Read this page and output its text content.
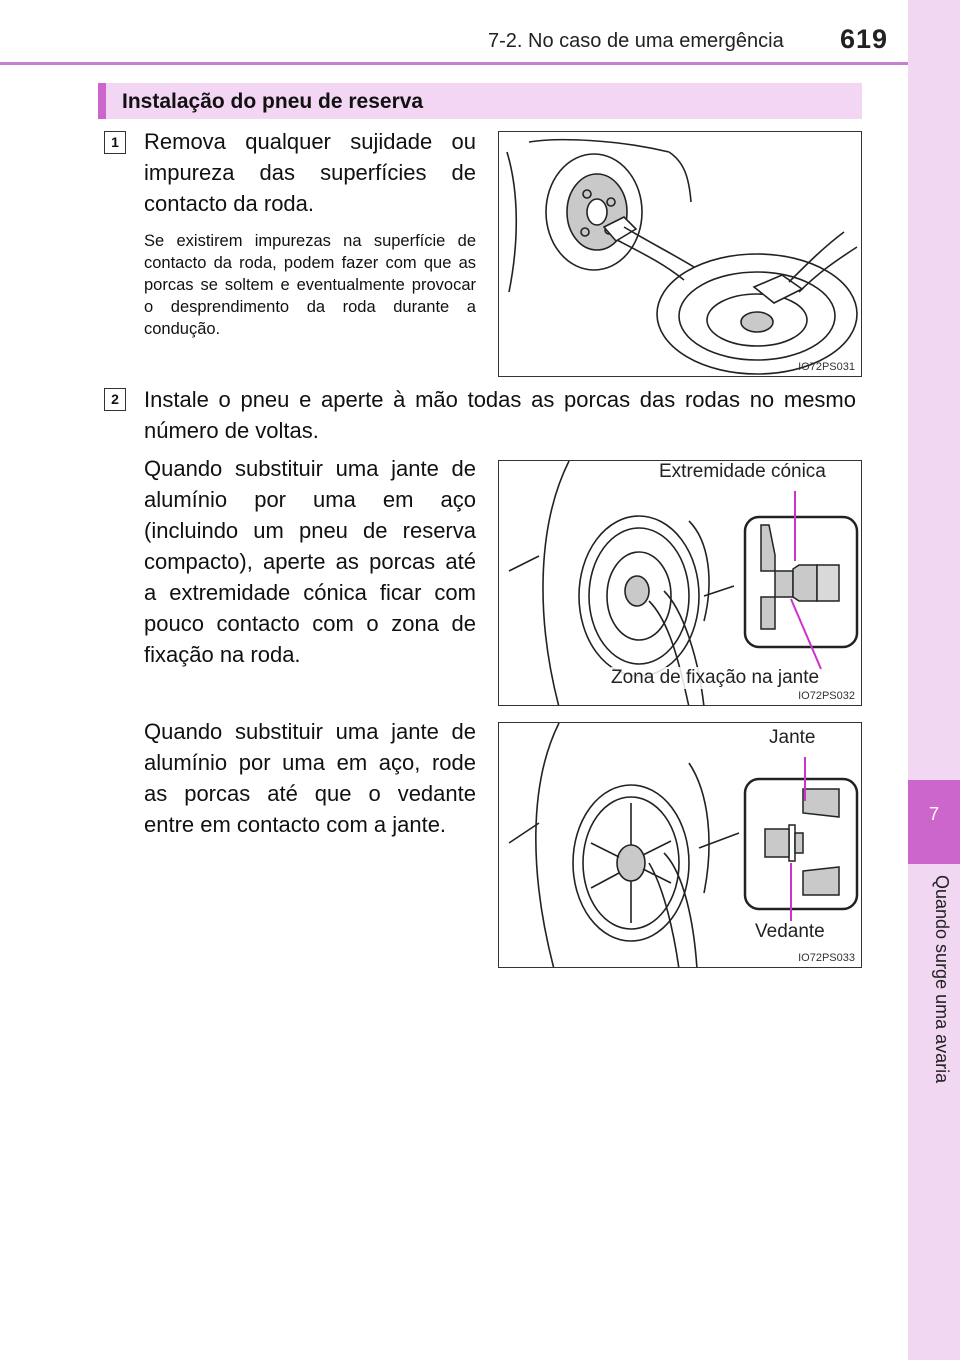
7-2. No caso de uma emergência 619
7
Quando surge uma avaria
Instalação do pneu de reserva
1	Remova qualquer sujidade ou impureza das superfícies de contacto da roda.
Se existirem impurezas na superfície de contacto da roda, podem fazer com que as porcas se soltem e eventualmente provocar o desprendimento da roda durante a condução.
IO72PS031
2	Instale o pneu e aperte à mão todas as porcas das rodas no mesmo número de voltas.
Quando substituir uma jante de alumínio por uma em aço (incluindo um pneu de reserva compacto), aperte as porcas até a extremidade cónica ficar com pouco contacto com o zona de fixação na roda.
Quando substituir uma jante de alumínio por uma em aço, rode as porcas até que o vedante entre em contacto com a jante.
Extremidade cónica
Zona de fixação na jante
IO72PS032
Jante
Vedante
IO72PS033
